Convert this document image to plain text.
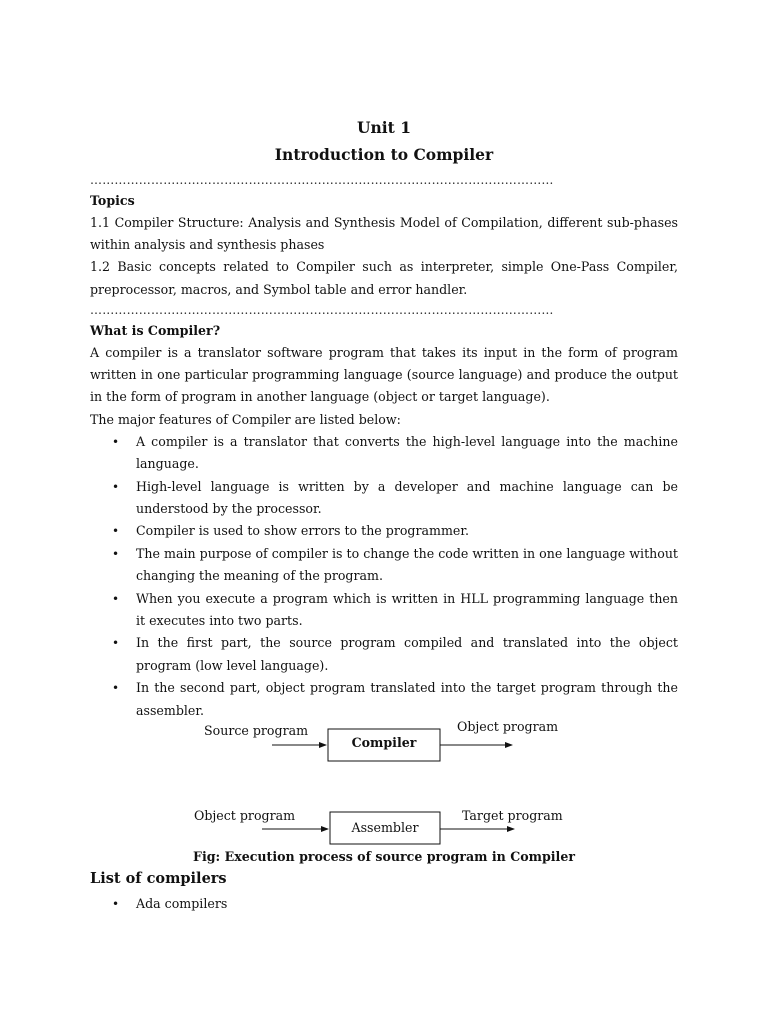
Unit 1
Introduction to Compiler
……………………………………………………………………………………………………

Topics

1.1 Compiler Structure: Analysis and Synthesis Model of Compilation, different sub-phases within analysis and synthesis phases

1.2 Basic concepts related to Compiler such as interpreter, simple One-Pass Compiler, preprocessor, macros, and Symbol table and error handler.

……………………………………………………………………………………………………

What is Compiler?

A compiler is a translator software program that takes its input in the form of program written in one particular programming language (source language) and produce the output in the form of program in another language (object or target language).

The major features of Compiler are listed below:

• A compiler is a translator that converts the high-level language into the machine language.
• High-level language is written by a developer and machine language can be understood by the processor.
• Compiler is used to show errors to the programmer.
• The main purpose of compiler is to change the code written in one language without changing the meaning of the program.
• When you execute a program which is written in HLL programming language then it executes into two parts.
• In the first part, the source program compiled and translated into the object program (low level language).
• In the second part, object program translated into the target program through the assembler.
Source program
Compiler
Object program
Object program
Assembler
Target program
Fig: Execution process of source program in Compiler
List of compilers
• Ada compilers
